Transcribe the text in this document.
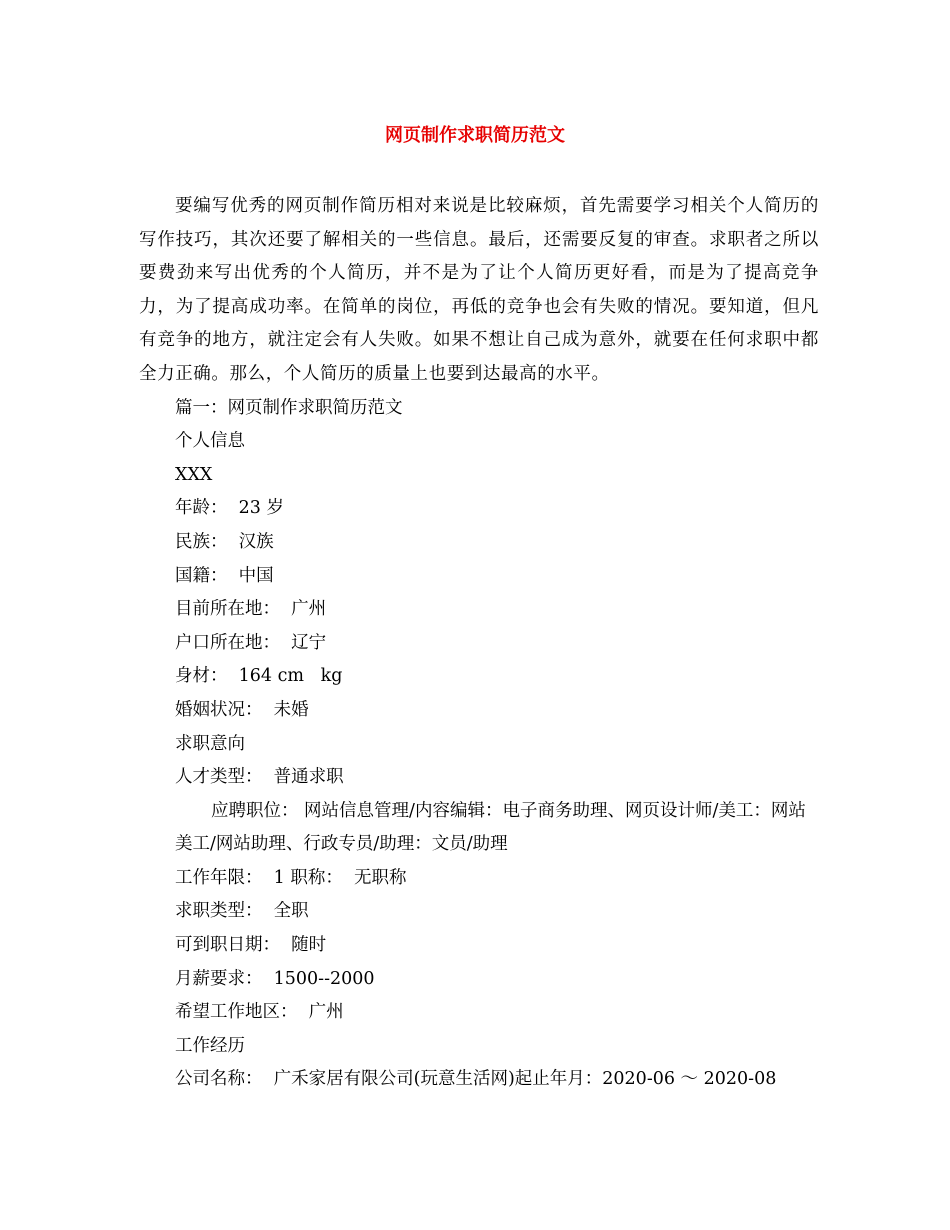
网页制作求职简历范文

要编写优秀的网页制作简历相对来说是比较麻烦，首先需要学习相关个人简历的写作技巧，其次还要了解相关的一些信息。最后，还需要反复的审查。求职者之所以要费劲来写出优秀的个人简历，并不是为了让个人简历更好看，而是为了提高竞争力，为了提高成功率。在简单的岗位，再低的竞争也会有失败的情况。要知道，但凡有竞争的地方，就注定会有人失败。如果不想让自己成为意外，就要在任何求职中都全力正确。那么，个人简历的质量上也要到达最高的水平。

篇一：网页制作求职简历范文

个人信息

XXX

年龄：  23 岁

民族：  汉族

国籍：  中国

目前所在地：  广州

户口所在地：  辽宁

身材：  164 cm   kg

婚姻状况：  未婚

求职意向

人才类型：  普通求职

应聘职位： 网站信息管理/内容编辑：电子商务助理、网页设计师/美工：网站美工/网站助理、行政专员/助理：文员/助理

工作年限：  1 职称：  无职称

求职类型：  全职

可到职日期：  随时

月薪要求：  1500--2000

希望工作地区：  广州

工作经历

公司名称：  广禾家居有限公司(玩意生活网)起止年月：2020-06 ～ 2020-08
